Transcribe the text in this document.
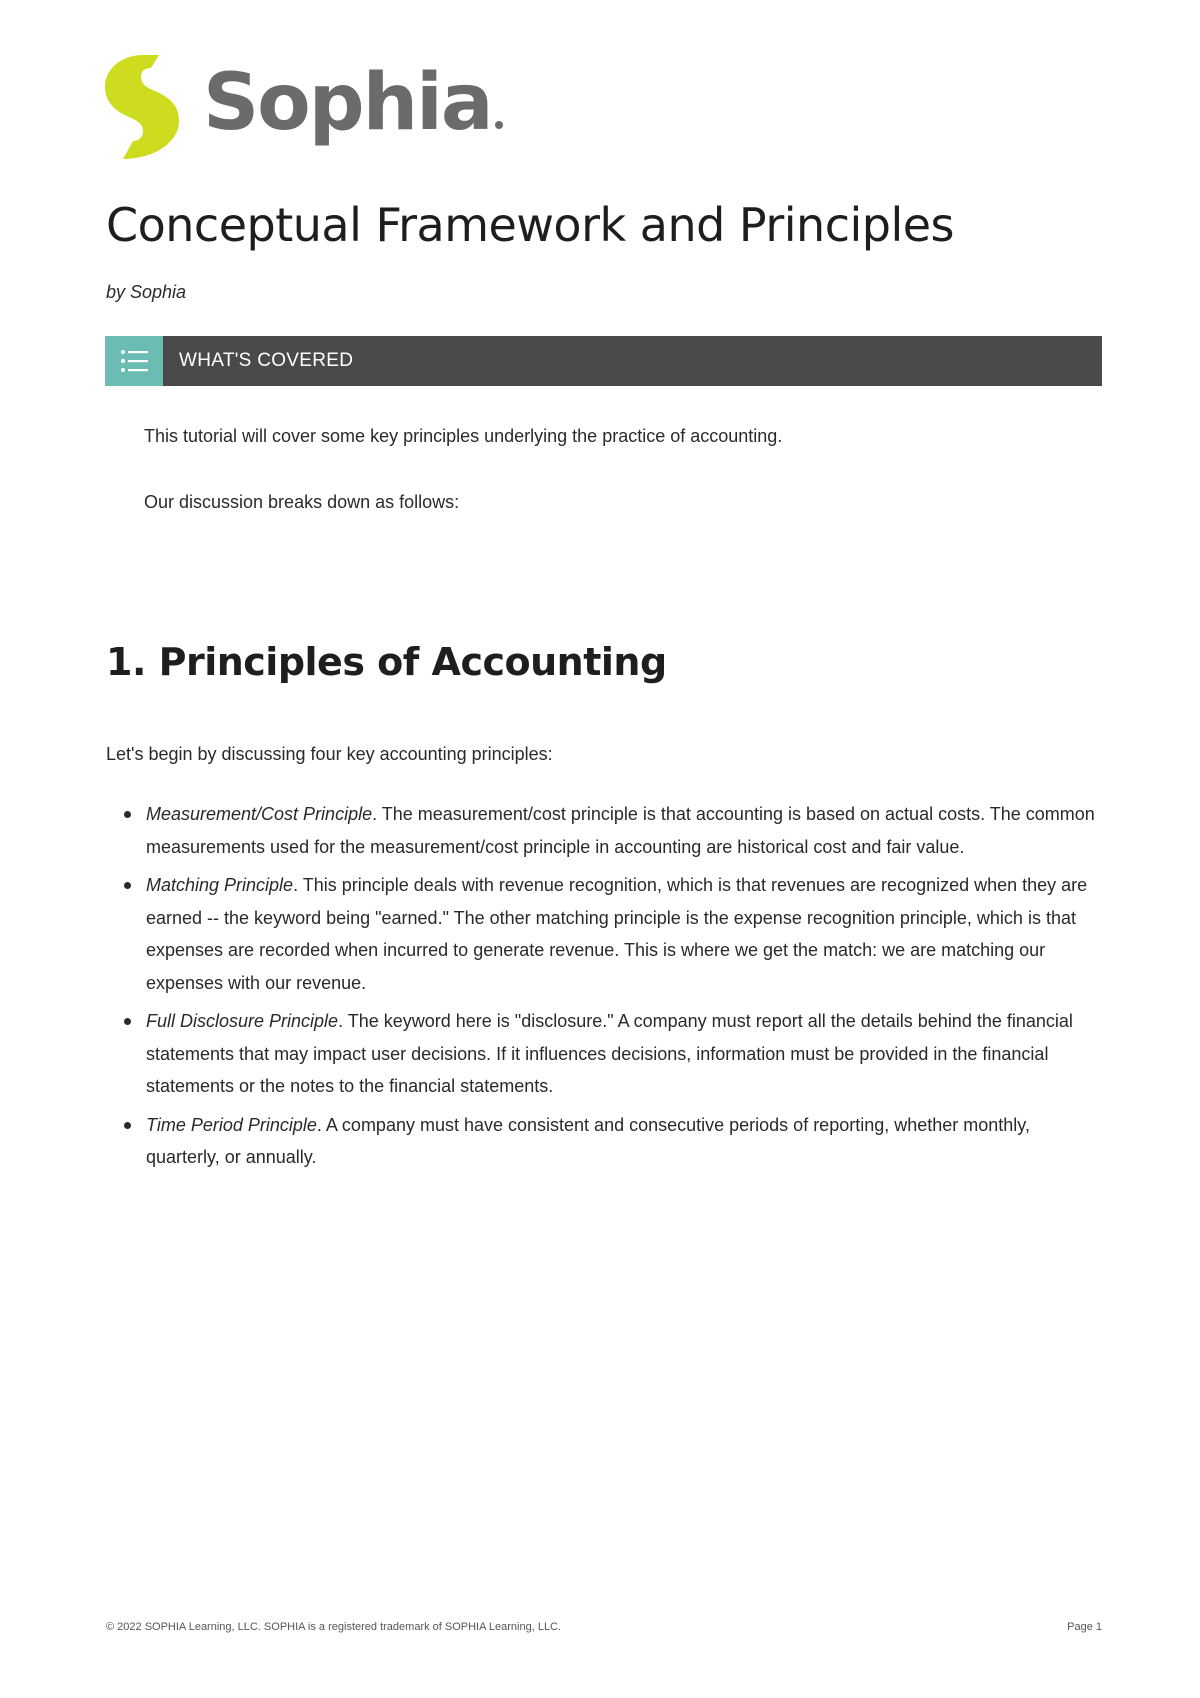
Sophia
Conceptual Framework and Principles
by Sophia
WHAT'S COVERED

This tutorial will cover some key principles underlying the practice of accounting.

Our discussion breaks down as follows:

1. Principles of Accounting

Let's begin by discussing four key accounting principles:

Measurement/Cost Principle. The measurement/cost principle is that accounting is based on actual costs. The common measurements used for the measurement/cost principle in accounting are historical cost and fair value.
Matching Principle. This principle deals with revenue recognition, which is that revenues are recognized when they are earned -- the keyword being "earned." The other matching principle is the expense recognition principle, which is that expenses are recorded when incurred to generate revenue. This is where we get the match: we are matching our expenses with our revenue.
Full Disclosure Principle. The keyword here is "disclosure." A company must report all the details behind the financial statements that may impact user decisions. If it influences decisions, information must be provided in the financial statements or the notes to the financial statements.
Time Period Principle. A company must have consistent and consecutive periods of reporting, whether monthly, quarterly, or annually.
© 2022 SOPHIA Learning, LLC. SOPHIA is a registered trademark of SOPHIA Learning, LLC.	Page 1
